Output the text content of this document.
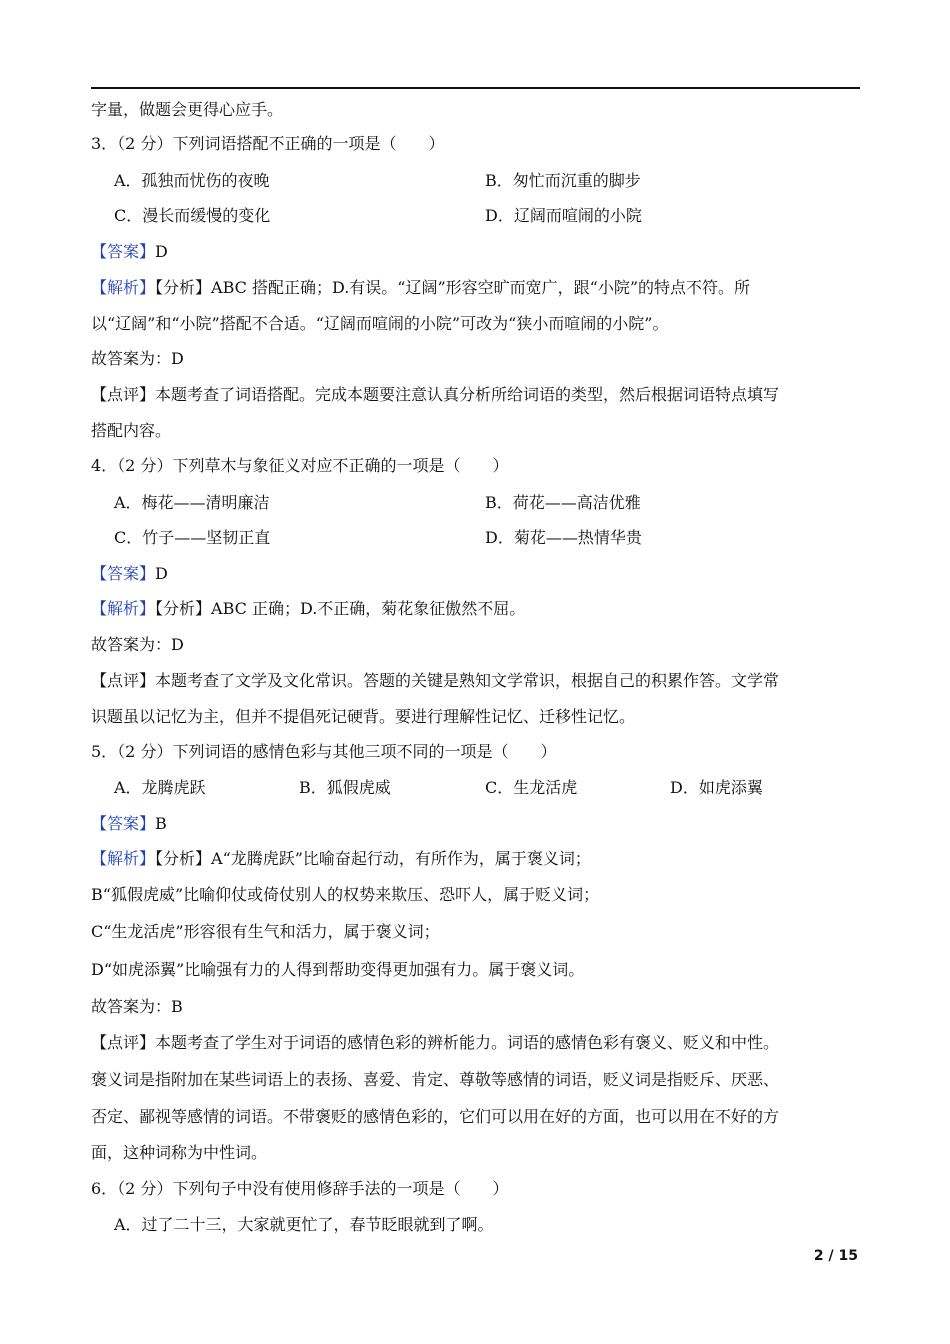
字量，做题会更得心应手。
3．（2 分）下列词语搭配不正确的一项是（　　）
A．孤独而忧伤的夜晚	B．匆忙而沉重的脚步
C．漫长而缓慢的变化	D．辽阔而喧闹的小院
【答案】D
【解析】【分析】ABC 搭配正确；D.有误。“辽阔”形容空旷而宽广，跟“小院”的特点不符。所
以“辽阔”和“小院”搭配不合适。“辽阔而喧闹的小院”可改为“狭小而喧闹的小院”。
故答案为：D
【点评】本题考查了词语搭配。完成本题要注意认真分析所给词语的类型，然后根据词语特点填写
搭配内容。
4．（2 分）下列草木与象征义对应不正确的一项是（　　）
A．梅花——清明廉洁	B．荷花——高洁优雅
C．竹子——坚韧正直	D．菊花——热情华贵
【答案】D
【解析】【分析】ABC 正确；D.不正确，菊花象征傲然不屈。
故答案为：D
【点评】本题考查了文学及文化常识。答题的关键是熟知文学常识，根据自己的积累作答。文学常
识题虽以记忆为主，但并不提倡死记硬背。要进行理解性记忆、迁移性记忆。
5．（2 分）下列词语的感情色彩与其他三项不同的一项是（　　）
A．龙腾虎跃	B．狐假虎威	C．生龙活虎	D．如虎添翼
【答案】B
【解析】【分析】A“龙腾虎跃”比喻奋起行动，有所作为，属于褒义词；
B“狐假虎威”比喻仰仗或倚仗别人的权势来欺压、恐吓人，属于贬义词；
C“生龙活虎”形容很有生气和活力，属于褒义词；
D“如虎添翼”比喻强有力的人得到帮助变得更加强有力。属于褒义词。
故答案为：B
【点评】本题考查了学生对于词语的感情色彩的辨析能力。词语的感情色彩有褒义、贬义和中性。
褒义词是指附加在某些词语上的表扬、喜爱、肯定、尊敬等感情的词语，贬义词是指贬斥、厌恶、
否定、鄙视等感情的词语。不带褒贬的感情色彩的，它们可以用在好的方面，也可以用在不好的方
面，这种词称为中性词。
6．（2 分）下列句子中没有使用修辞手法的一项是（　　）
A．过了二十三，大家就更忙了，春节眨眼就到了啊。
2 / 15
